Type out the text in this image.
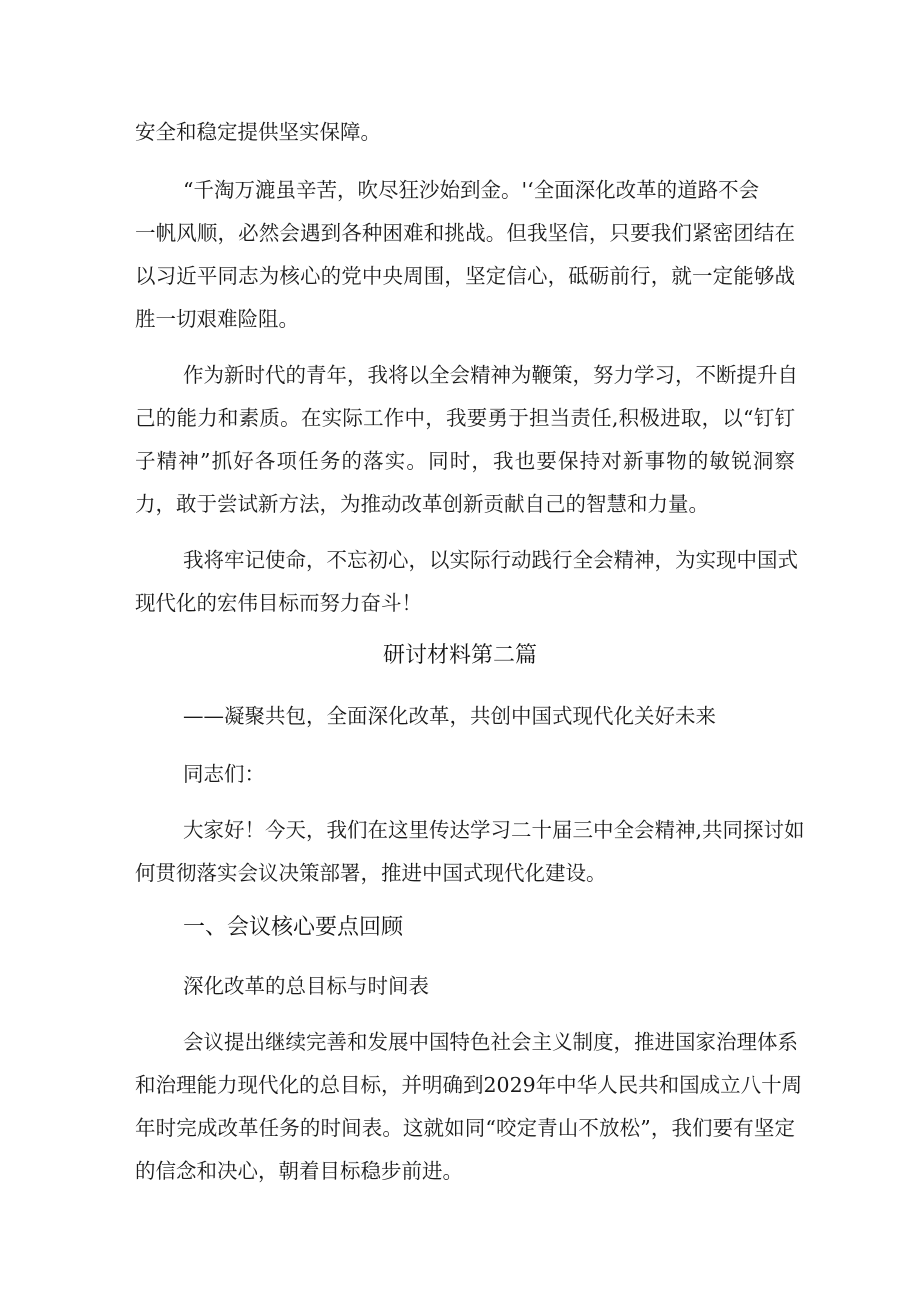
安全和稳定提供坚实保障。
“千淘万漉虽辛苦，吹尽狂沙始到金。'‘全面深化改革的道路不会
一帆风顺，必然会遇到各种困难和挑战。但我坚信，只要我们紧密团结在
以习近平同志为核心的党中央周围，坚定信心，砥砺前行，就一定能够战
胜一切艰难险阻。
作为新时代的青年，我将以全会精神为鞭策，努力学习，不断提升自
己的能力和素质。在实际工作中，我要勇于担当责任,积极进取，以“钉钉
子精神”抓好各项任务的落实。同时，我也要保持对新事物的敏锐洞察
力，敢于尝试新方法，为推动改革创新贡献自己的智慧和力量。
我将牢记使命，不忘初心，以实际行动践行全会精神，为实现中国式
现代化的宏伟目标而努力奋斗！
研讨材料第二篇
——凝聚共包，全面深化改革，共创中国式现代化关好未来
同志们：
大家好！今天，我们在这里传达学习二十届三中全会精神,共同探讨如
何贯彻落实会议决策部署，推进中国式现代化建设。
一、会议核心要点回顾
深化改革的总目标与时间表
会议提出继续完善和发展中国特色社会主义制度，推进国家治理体系
和治理能力现代化的总目标，并明确到2029年中华人民共和国成立八十周
年时完成改革任务的时间表。这就如同“咬定青山不放松”，我们要有坚定
的信念和决心，朝着目标稳步前进。
